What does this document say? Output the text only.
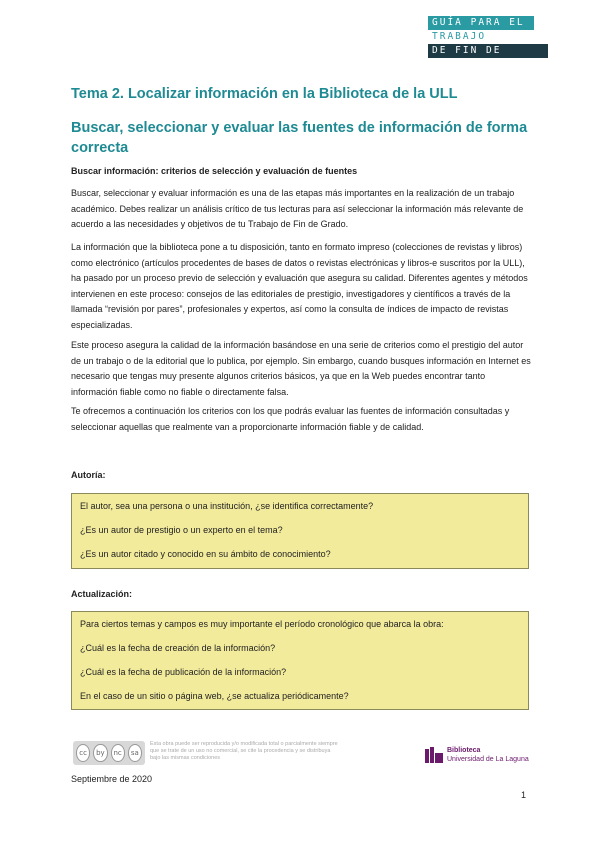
GUÍA PARA EL
TRABAJO
DE FIN DE GRADO
Tema 2. Localizar información en la Biblioteca de la ULL
Buscar, seleccionar y evaluar las fuentes de información de forma correcta
Buscar información: criterios de selección y evaluación de fuentes
Buscar, seleccionar y evaluar información es una de las etapas más importantes en la realización de un trabajo académico. Debes realizar un análisis crítico de tus lecturas para así seleccionar la información más relevante de acuerdo a las necesidades y objetivos de tu Trabajo de Fin de Grado.
La información que la biblioteca pone a tu disposición, tanto en formato impreso (colecciones de revistas y libros) como electrónico (artículos procedentes de bases de datos o revistas electrónicas y libros-e suscritos por la ULL), ha pasado por un proceso previo de selección y evaluación que asegura su calidad. Diferentes agentes y métodos intervienen en este proceso: consejos de las editoriales de prestigio, investigadores y científicos a través de la llamada “revisión por pares”, profesionales y expertos, así como la consulta de índices de impacto de revistas especializadas.
Este proceso asegura la calidad de la información basándose en una serie de criterios como el prestigio del autor de un trabajo o de la editorial que lo publica, por ejemplo. Sin embargo, cuando busques información en Internet es necesario que tengas muy presente algunos criterios básicos, ya que en la Web puedes encontrar tanto información fiable como no fiable o directamente falsa.
Te ofrecemos a continuación los criterios con los que podrás evaluar las fuentes de información consultadas y seleccionar aquellas que realmente van a proporcionarte información fiable y de calidad.
Autoría:
El autor, sea una persona o una institución, ¿se identifica correctamente?
¿Es un autor de prestigio o un experto en el tema?
¿Es un autor citado y conocido en su ámbito de conocimiento?
Actualización:
Para ciertos temas y campos es muy importante el período cronológico que abarca la obra:
¿Cuál es la fecha de creación de la información?
¿Cuál es la fecha de publicación de la información?
En el caso de un sitio o página web, ¿se actualiza periódicamente?
cc	by	nc	sa
Esta obra puede ser reproducida y/o modificada total o parcialmente siempre que se trate de un uso no comercial, se cite la procedencia y se distribuya bajo las mismas condiciones
Biblioteca
Universidad de La Laguna
Septiembre de 2020
1
